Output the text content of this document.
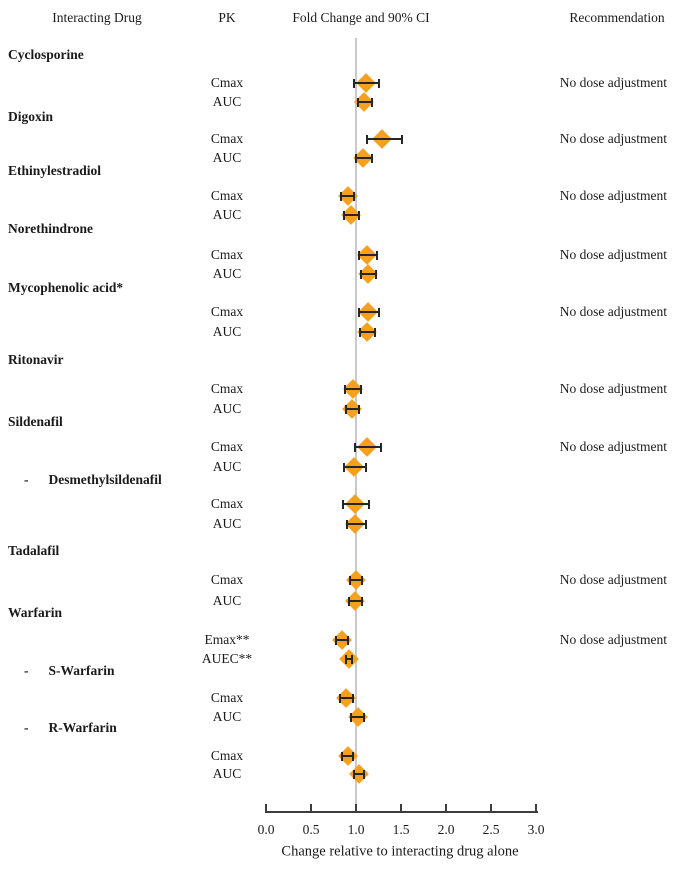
Interacting Drug	PK	Fold Change and 90% CI	Recommendation
Cyclosporine
Cmax	No dose adjustment
AUC
Digoxin
Cmax	No dose adjustment
AUC
Ethinylestradiol
Cmax	No dose adjustment
AUC
Norethindrone
Cmax	No dose adjustment
AUC
Mycophenolic acid*
Cmax	No dose adjustment
AUC
Ritonavir
Cmax	No dose adjustment
AUC
Sildenafil
Cmax	No dose adjustment
AUC
- Desmethylsildenafil
Cmax
AUC
Tadalafil
Cmax	No dose adjustment
AUC
Warfarin
Emax**	No dose adjustment
AUEC**
- S-Warfarin
Cmax
AUC
- R-Warfarin
Cmax
AUC
0.0 0.5 1.0 1.5 2.0 2.5 3.0
Change relative to interacting drug alone
